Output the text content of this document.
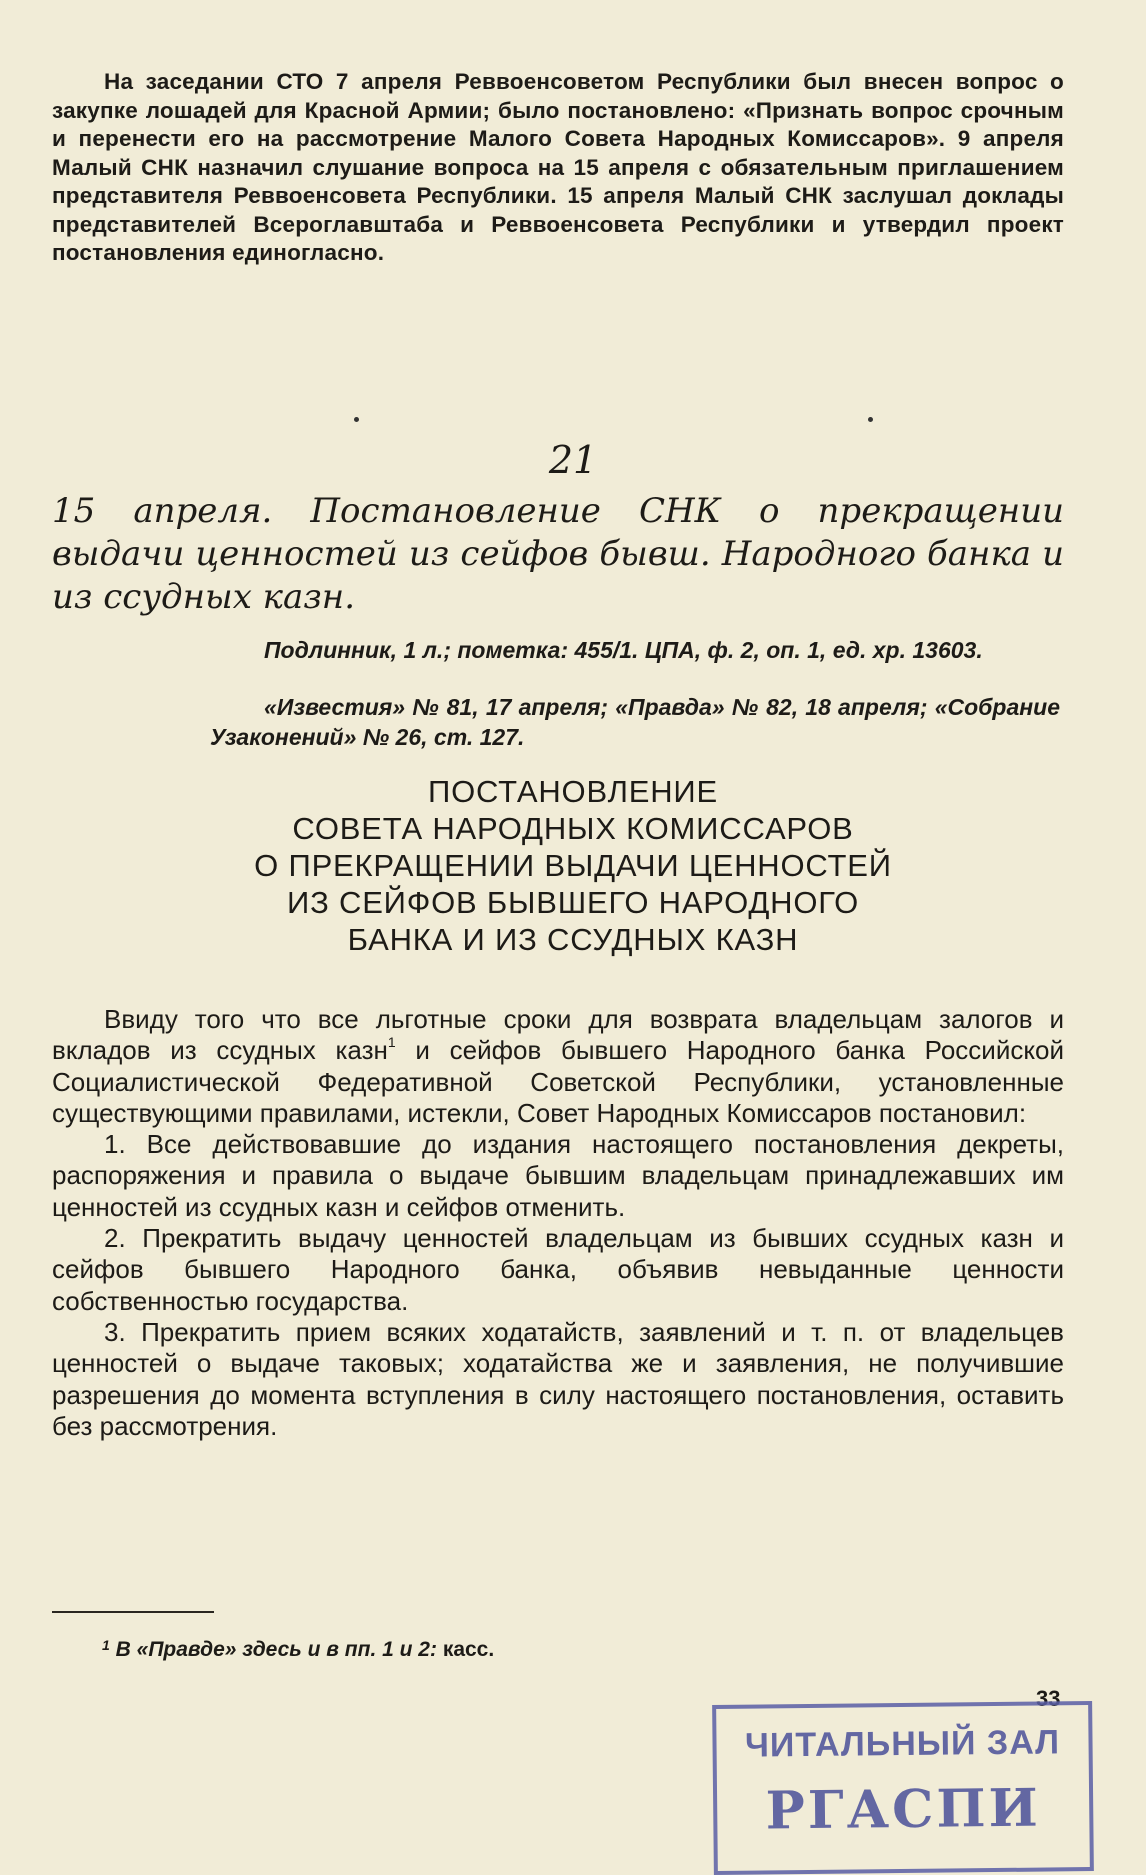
На заседании СТО 7 апреля Реввоенсоветом Республики был внесен вопрос о закупке лошадей для Красной Армии; было постановлено: «Признать вопрос срочным и перенести его на рассмотрение Малого Совета Народных Комиссаров». 9 апреля Малый СНК назначил слушание вопроса на 15 апреля с обязательным приглашением представителя Реввоенсовета Республики. 15 апреля Малый СНК заслушал доклады представителей Всероглавштаба и Реввоенсовета Республики и утвердил проект постановления единогласно.

21

15 апреля. Постановление СНК о прекращении выдачи ценностей из сейфов бывш. Народного банка и из ссудных казн.

Подлинник, 1 л.; пометка: 455/1. ЦПА, ф. 2, оп. 1, ед. хр. 13603.

«Известия» № 81, 17 апреля; «Правда» № 82, 18 апреля; «Собрание Узаконений» № 26, ст. 127.

ПОСТАНОВЛЕНИЕ
СОВЕТА НАРОДНЫХ КОМИССАРОВ
О ПРЕКРАЩЕНИИ ВЫДАЧИ ЦЕННОСТЕЙ
ИЗ СЕЙФОВ БЫВШЕГО НАРОДНОГО
БАНКА И ИЗ ССУДНЫХ КАЗН

Ввиду того что все льготные сроки для возврата владельцам залогов и вкладов из ссудных казн$^1$ и сейфов бывшего Народного банка Российской Социалистической Федеративной Советской Республики, установленные существующими правилами, истекли, Совет Народных Комиссаров постановил:

1. Все действовавшие до издания настоящего постановления декреты, распоряжения и правила о выдаче бывшим владельцам принадлежавших им ценностей из ссудных казн и сейфов отменить.

2. Прекратить выдачу ценностей владельцам из бывших ссудных казн и сейфов бывшего Народного банка, объявив невыданные ценности собственностью государства.

3. Прекратить прием всяких ходатайств, заявлений и т. п. от владельцев ценностей о выдаче таковых; ходатайства же и заявления, не получившие разрешения до момента вступления в силу настоящего постановления, оставить без рассмотрения.

$^1$ В «Правде» здесь и в пп. 1 и 2: касс.

33
ЧИТАЛЬНЫЙ ЗАЛ
РГАСПИ
